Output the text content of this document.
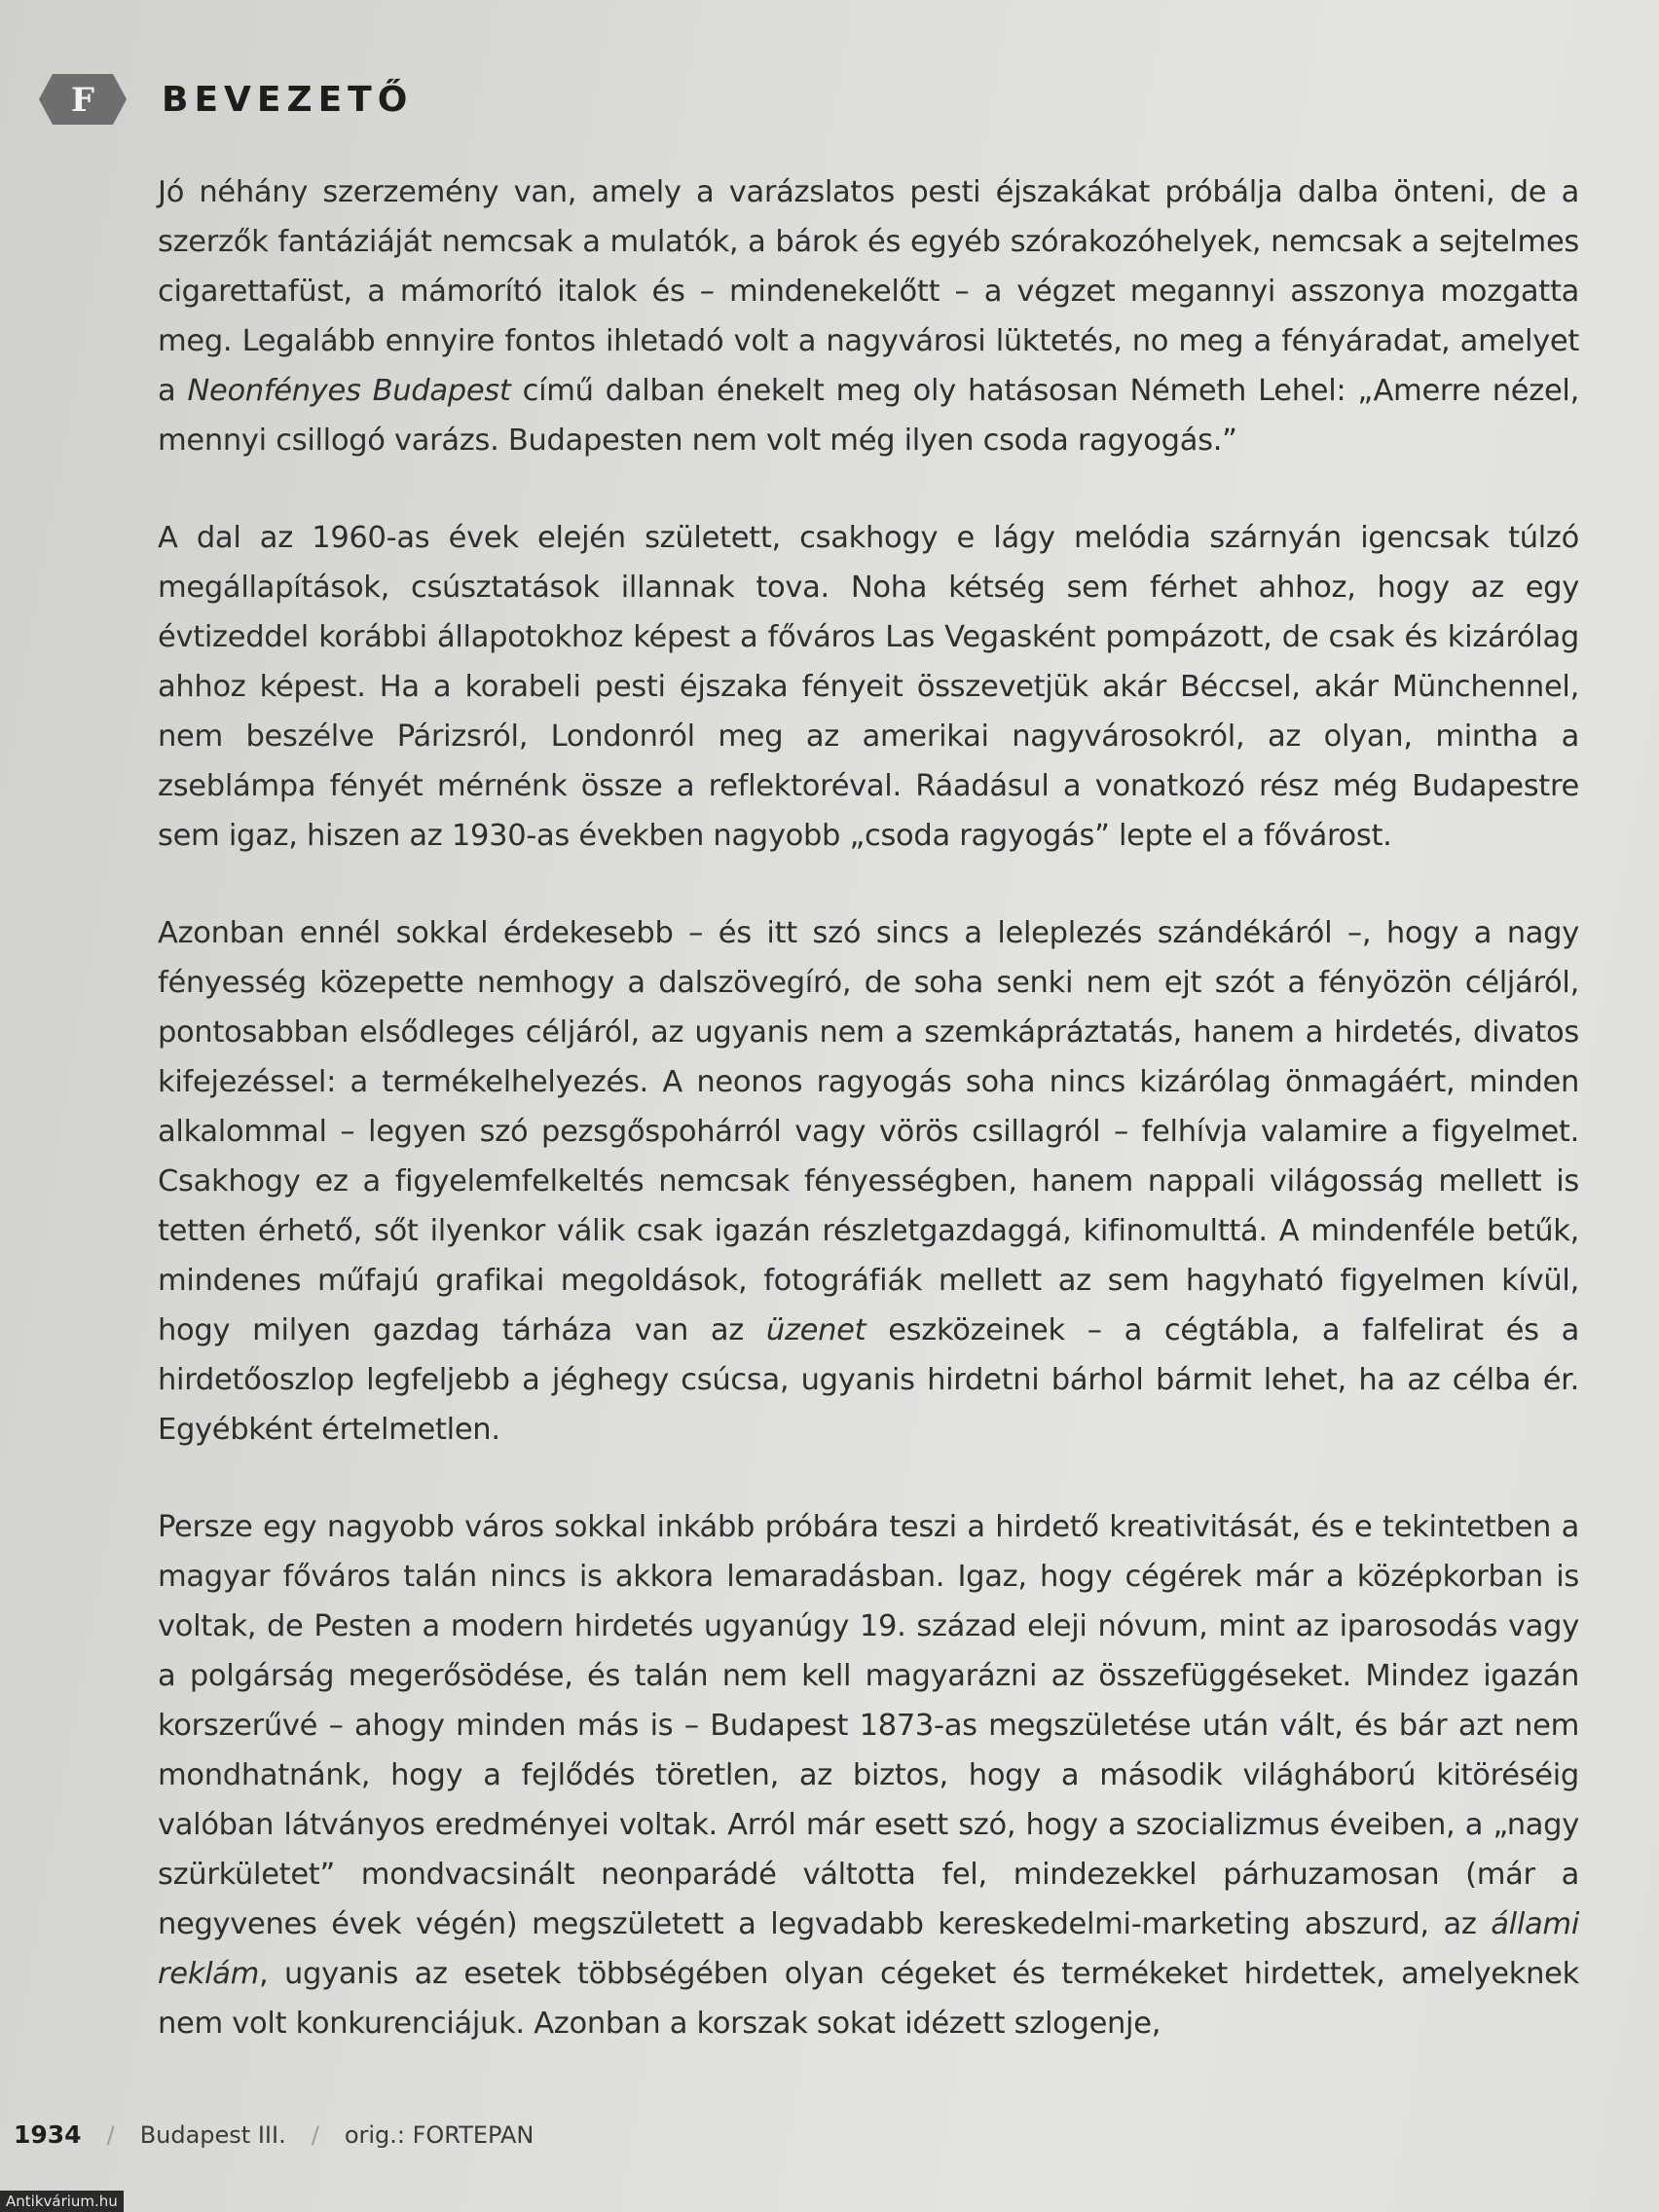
F BEVEZETŐ

Jó néhány szerzemény van, amely a varázslatos pesti éjszakákat próbálja dalba önteni, de a szerzők fantáziáját nemcsak a mulatók, a bárok és egyéb szórakozóhelyek, nemcsak a sejtelmes cigarettafüst, a mámorító italok és – mindenekelőtt – a végzet megannyi asszonya mozgatta meg. Legalább ennyire fontos ihletadó volt a nagyvárosi lüktetés, no meg a fényáradat, amelyet a Neonfényes Budapest című dalban énekelt meg oly hatásosan Németh Lehel: „Amerre nézel, mennyi csillogó varázs. Budapesten nem volt még ilyen csoda ragyogás.”

A dal az 1960-as évek elején született, csakhogy e lágy melódia szárnyán igencsak túlzó megállapítások, csúsztatások illannak tova. Noha kétség sem férhet ahhoz, hogy az egy évtizeddel korábbi állapotokhoz képest a főváros Las Vegasként pompázott, de csak és kizárólag ahhoz képest. Ha a korabeli pesti éjszaka fényeit összevetjük akár Béccsel, akár Münchennel, nem beszélve Párizsról, Londonról meg az amerikai nagyvárosokról, az olyan, mintha a zseblámpa fényét mérnénk össze a reflektoréval. Ráadásul a vonatkozó rész még Budapestre sem igaz, hiszen az 1930-as években nagyobb „csoda ragyogás” lepte el a fővárost.

Azonban ennél sokkal érdekesebb – és itt szó sincs a leleplezés szándékáról –, hogy a nagy fényesség közepette nemhogy a dalszövegíró, de soha senki nem ejt szót a fényözön céljáról, pontosabban elsődleges céljáról, az ugyanis nem a szemkápráztatás, hanem a hirdetés, divatos kifejezéssel: a termékelhelyezés. A neonos ragyogás soha nincs kizárólag önmagáért, minden alkalommal – legyen szó pezsgőspohárról vagy vörös csillagról – felhívja valamire a figyelmet. Csakhogy ez a figyelemfelkeltés nemcsak fényességben, hanem nappali világosság mellett is tetten érhető, sőt ilyenkor válik csak igazán részletgazdaggá, kifinomulttá. A mindenféle betűk, mindenes műfajú grafikai megoldások, fotográfiák mellett az sem hagyható figyelmen kívül, hogy milyen gazdag tárháza van az üzenet eszközeinek – a cégtábla, a falfelirat és a hirdetőoszlop legfeljebb a jéghegy csúcsa, ugyanis hirdetni bárhol bármit lehet, ha az célba ér. Egyébként értelmetlen.

Persze egy nagyobb város sokkal inkább próbára teszi a hirdető kreativitását, és e tekintetben a magyar főváros talán nincs is akkora lemaradásban. Igaz, hogy cégérek már a középkorban is voltak, de Pesten a modern hirdetés ugyanúgy 19. század eleji nóvum, mint az iparosodás vagy a polgárság megerősödése, és talán nem kell magyarázni az összefüggéseket. Mindez igazán korszerűvé – ahogy minden más is – Budapest 1873-as megszületése után vált, és bár azt nem mondhatnánk, hogy a fejlődés töretlen, az biztos, hogy a második világháború kitöréséig valóban látványos eredményei voltak. Arról már esett szó, hogy a szocializmus éveiben, a „nagy szürkületet” mondvacsinált neonparádé váltotta fel, mindezekkel párhuzamosan (már a negyvenes évek végén) megszületett a legvadabb kereskedelmi-marketing abszurd, az állami reklám, ugyanis az esetek többségében olyan cégeket és termékeket hirdettek, amelyeknek nem volt konkurenciájuk. Azonban a korszak sokat idézett szlogenje,

1934 / Budapest III. / orig.: FORTEPAN
Antikvárium.hu
